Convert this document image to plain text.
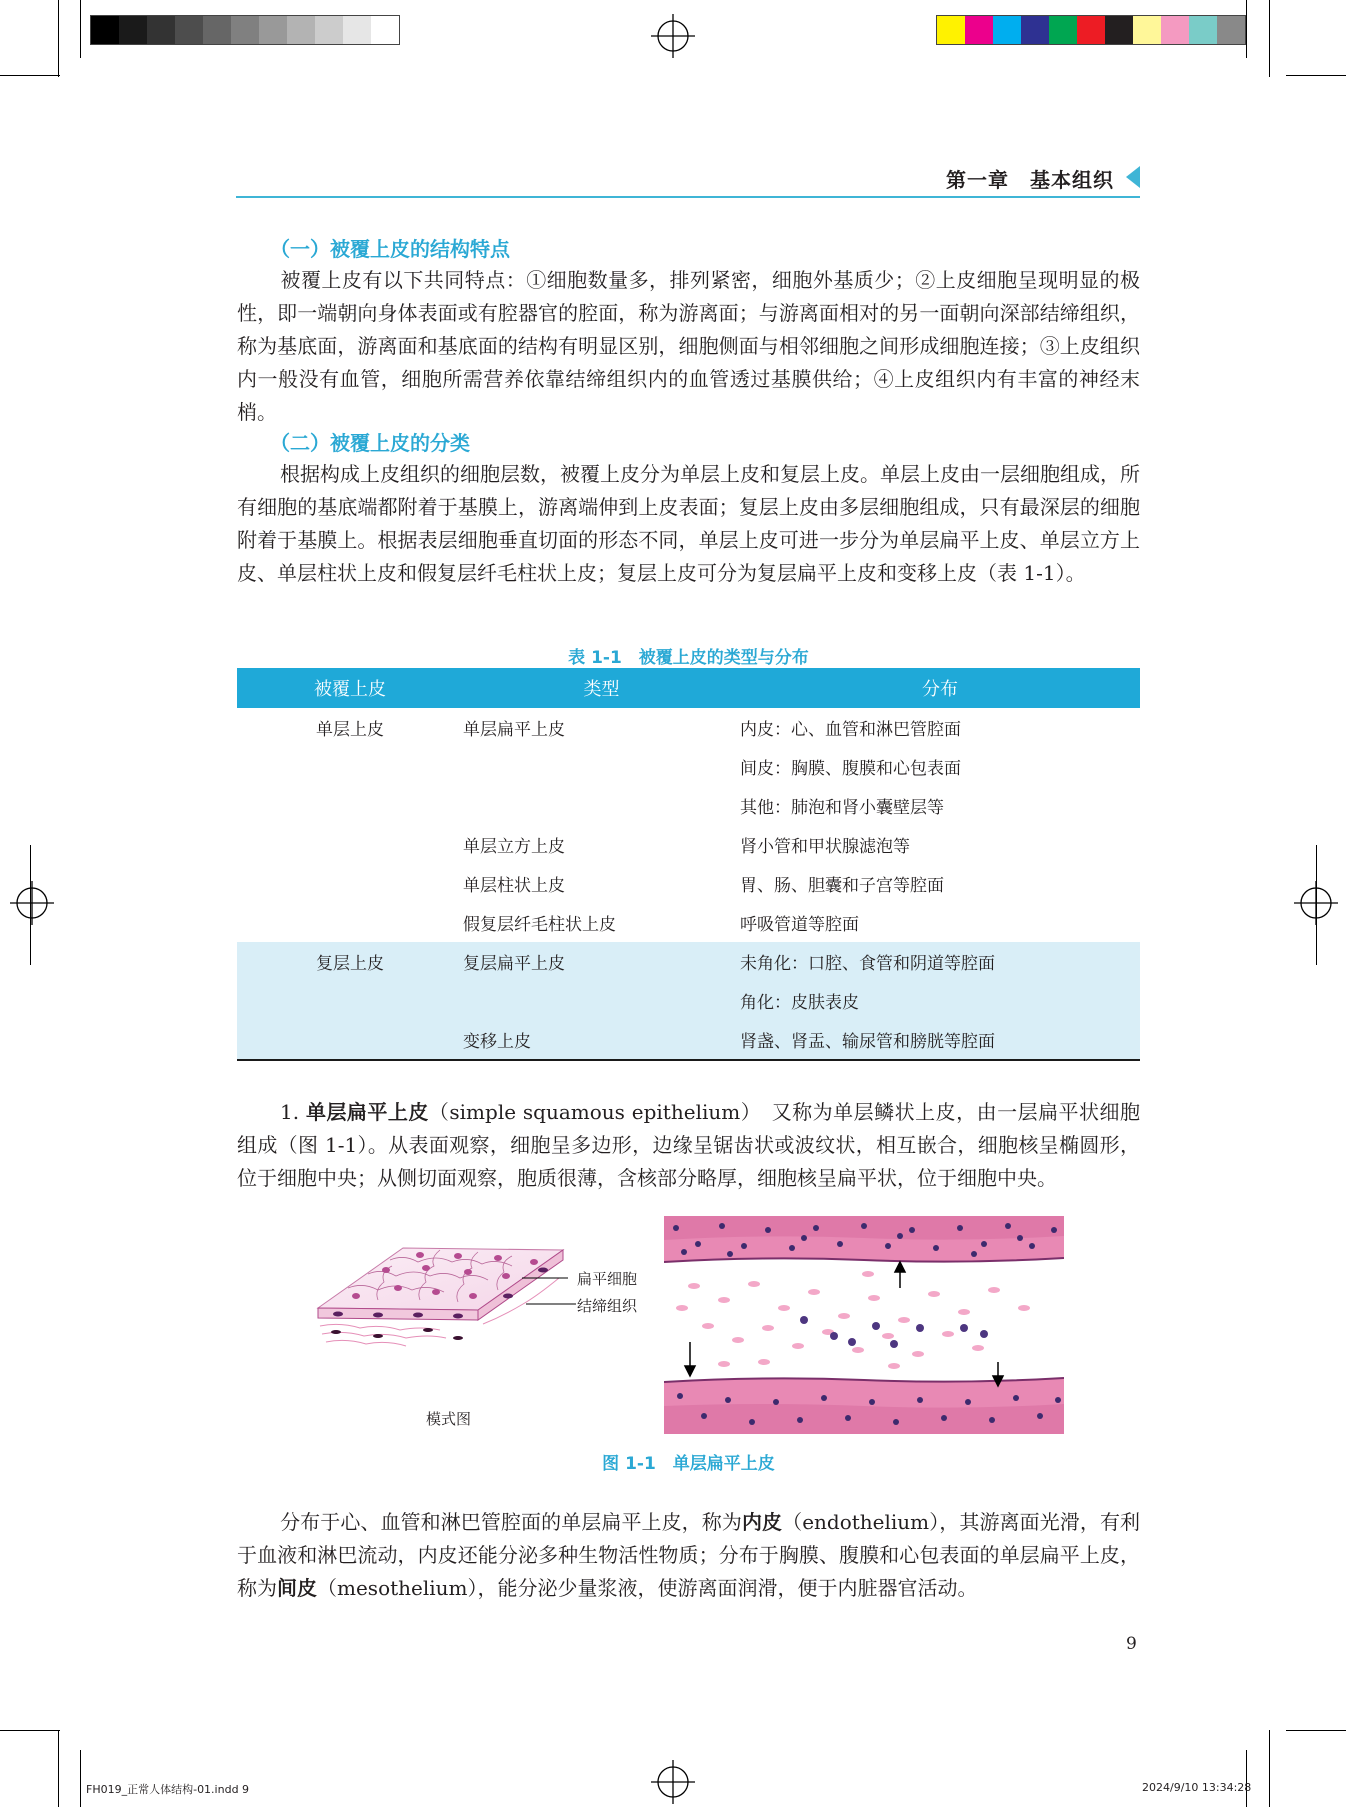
第一章　基本组织
（一）被覆上皮的结构特点

被覆上皮有以下共同特点：①细胞数量多，排列紧密，细胞外基质少；②上皮细胞呈现明显的极性，即一端朝向身体表面或有腔器官的腔面，称为游离面；与游离面相对的另一面朝向深部结缔组织，称为基底面，游离面和基底面的结构有明显区别，细胞侧面与相邻细胞之间形成细胞连接；③上皮组织内一般没有血管，细胞所需营养依靠结缔组织内的血管透过基膜供给；④上皮组织内有丰富的神经末梢。

（二）被覆上皮的分类

根据构成上皮组织的细胞层数，被覆上皮分为单层上皮和复层上皮。单层上皮由一层细胞组成，所有细胞的基底端都附着于基膜上，游离端伸到上皮表面；复层上皮由多层细胞组成，只有最深层的细胞附着于基膜上。根据表层细胞垂直切面的形态不同，单层上皮可进一步分为单层扁平上皮、单层立方上皮、单层柱状上皮和假复层纤毛柱状上皮；复层上皮可分为复层扁平上皮和变移上皮（表 1-1）。

表 1-1　被覆上皮的类型与分布
被覆上皮	类型	分布
单层上皮	单层扁平上皮	内皮：心、血管和淋巴管腔面
		间皮：胸膜、腹膜和心包表面
		其他：肺泡和肾小囊壁层等
	单层立方上皮	肾小管和甲状腺滤泡等
	单层柱状上皮	胃、肠、胆囊和子宫等腔面
	假复层纤毛柱状上皮	呼吸管道等腔面
复层上皮	复层扁平上皮	未角化：口腔、食管和阴道等腔面
		角化：皮肤表皮
	变移上皮	肾盏、肾盂、输尿管和膀胱等腔面

1. 单层扁平上皮（simple squamous epithelium）　 又称为单层鳞状上皮，由一层扁平状细胞组成（图 1-1）。从表面观察，细胞呈多边形，边缘呈锯齿状或波纹状，相互嵌合，细胞核呈椭圆形，位于细胞中央；从侧切面观察，胞质很薄，含核部分略厚，细胞核呈扁平状，位于细胞中央。

扁平细胞
结缔组织
模式图
图 1-1　单层扁平上皮

分布于心、血管和淋巴管腔面的单层扁平上皮，称为内皮（endothelium），其游离面光滑，有利于血液和淋巴流动，内皮还能分泌多种生物活性物质；分布于胸膜、腹膜和心包表面的单层扁平上皮，称为间皮（mesothelium），能分泌少量浆液，使游离面润滑，便于内脏器官活动。

9
FH019_正常人体结构-01.indd 9	2024/9/10 13:34:28
